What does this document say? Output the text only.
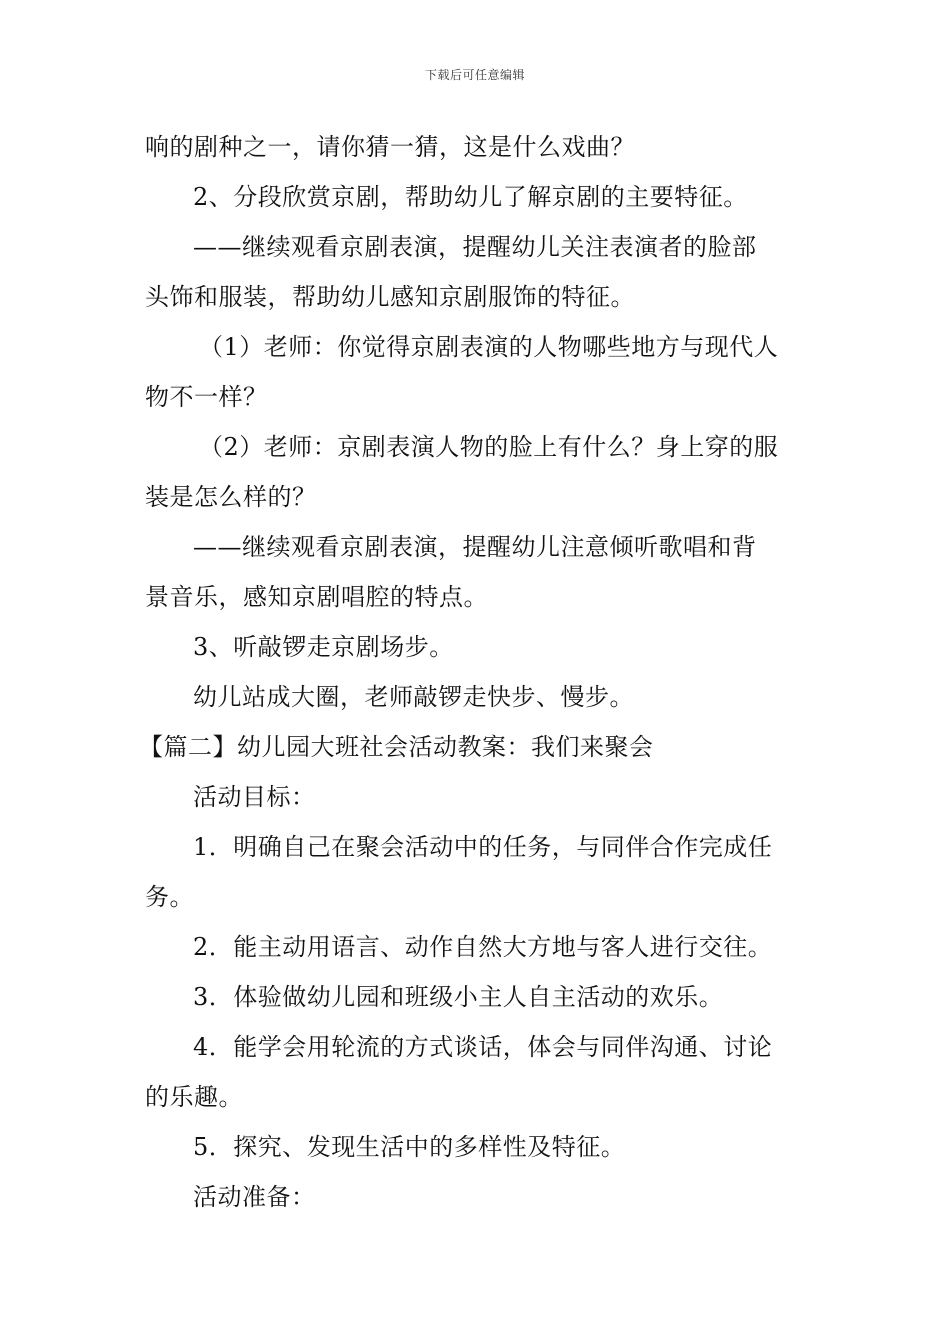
下载后可任意编辑
响的剧种之一，请你猜一猜，这是什么戏曲？
2、分段欣赏京剧，帮助幼儿了解京剧的主要特征。
——继续观看京剧表演，提醒幼儿关注表演者的脸部
头饰和服装，帮助幼儿感知京剧服饰的特征。
（1）老师：你觉得京剧表演的人物哪些地方与现代人
物不一样？
（2）老师：京剧表演人物的脸上有什么？身上穿的服
装是怎么样的？
——继续观看京剧表演，提醒幼儿注意倾听歌唱和背
景音乐，感知京剧唱腔的特点。
3、听敲锣走京剧场步。
幼儿站成大圈，老师敲锣走快步、慢步。
【篇二】幼儿园大班社会活动教案：我们来聚会
活动目标：
1．明确自己在聚会活动中的任务，与同伴合作完成任
务。
2．能主动用语言、动作自然大方地与客人进行交往。
3．体验做幼儿园和班级小主人自主活动的欢乐。
4．能学会用轮流的方式谈话，体会与同伴沟通、讨论
的乐趣。
5．探究、发现生活中的多样性及特征。
活动准备：
